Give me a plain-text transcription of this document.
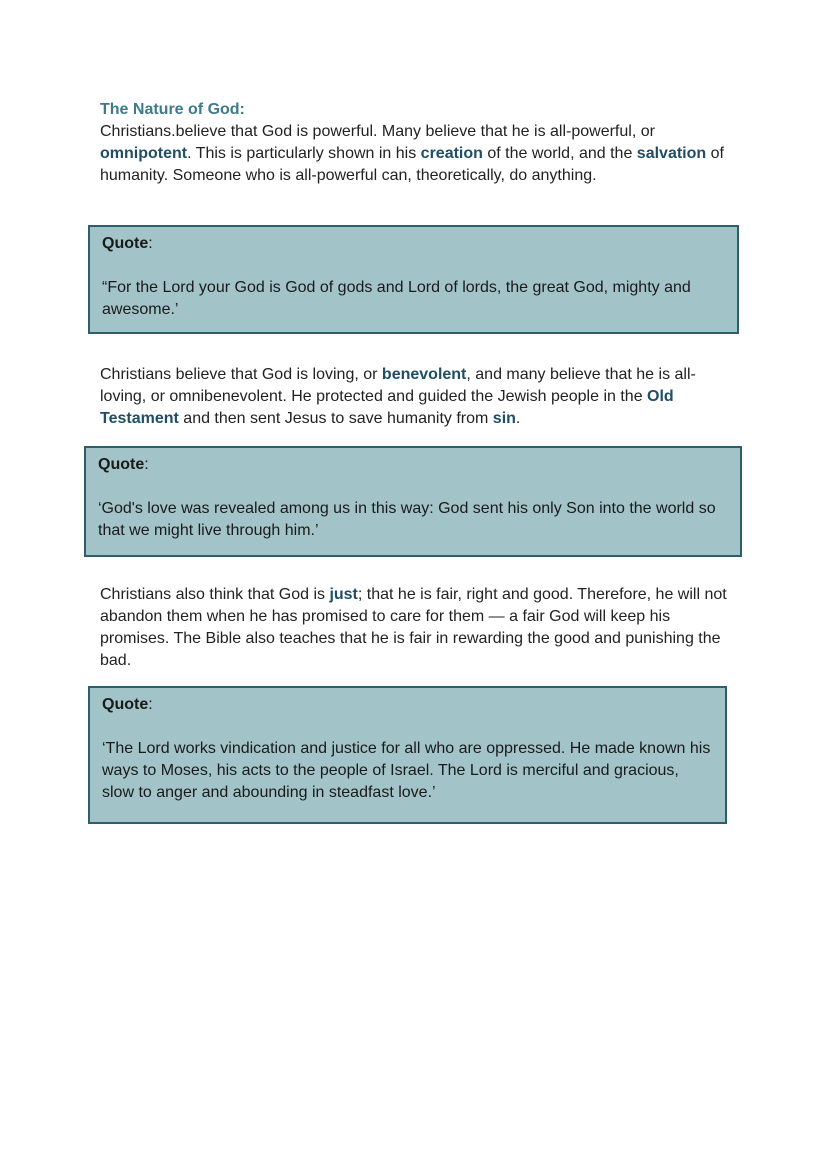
The Nature of God:
Christians.believe that God is powerful. Many believe that he is all-powerful, or omnipotent. This is particularly shown in his creation of the world, and the salvation of humanity. Someone who is all-powerful can, theoretically, do anything.
Quote:
“For the Lord your God is God of gods and Lord of lords, the great God, mighty and awesome.’
Christians believe that God is loving, or benevolent, and many believe that he is all-loving, or omnibenevolent. He protected and guided the Jewish people in the Old Testament and then sent Jesus to save humanity from sin.
Quote:
‘God's love was revealed among us in this way: God sent his only Son into the world so that we might live through him.’
Christians also think that God is just; that he is fair, right and good. Therefore, he will not abandon them when he has promised to care for them — a fair God will keep his promises. The Bible also teaches that he is fair in rewarding the good and punishing the bad.
Quote:
‘The Lord works vindication and justice for all who are oppressed. He made known his ways to Moses, his acts to the people of Israel. The Lord is merciful and gracious, slow to anger and abounding in steadfast love.’
